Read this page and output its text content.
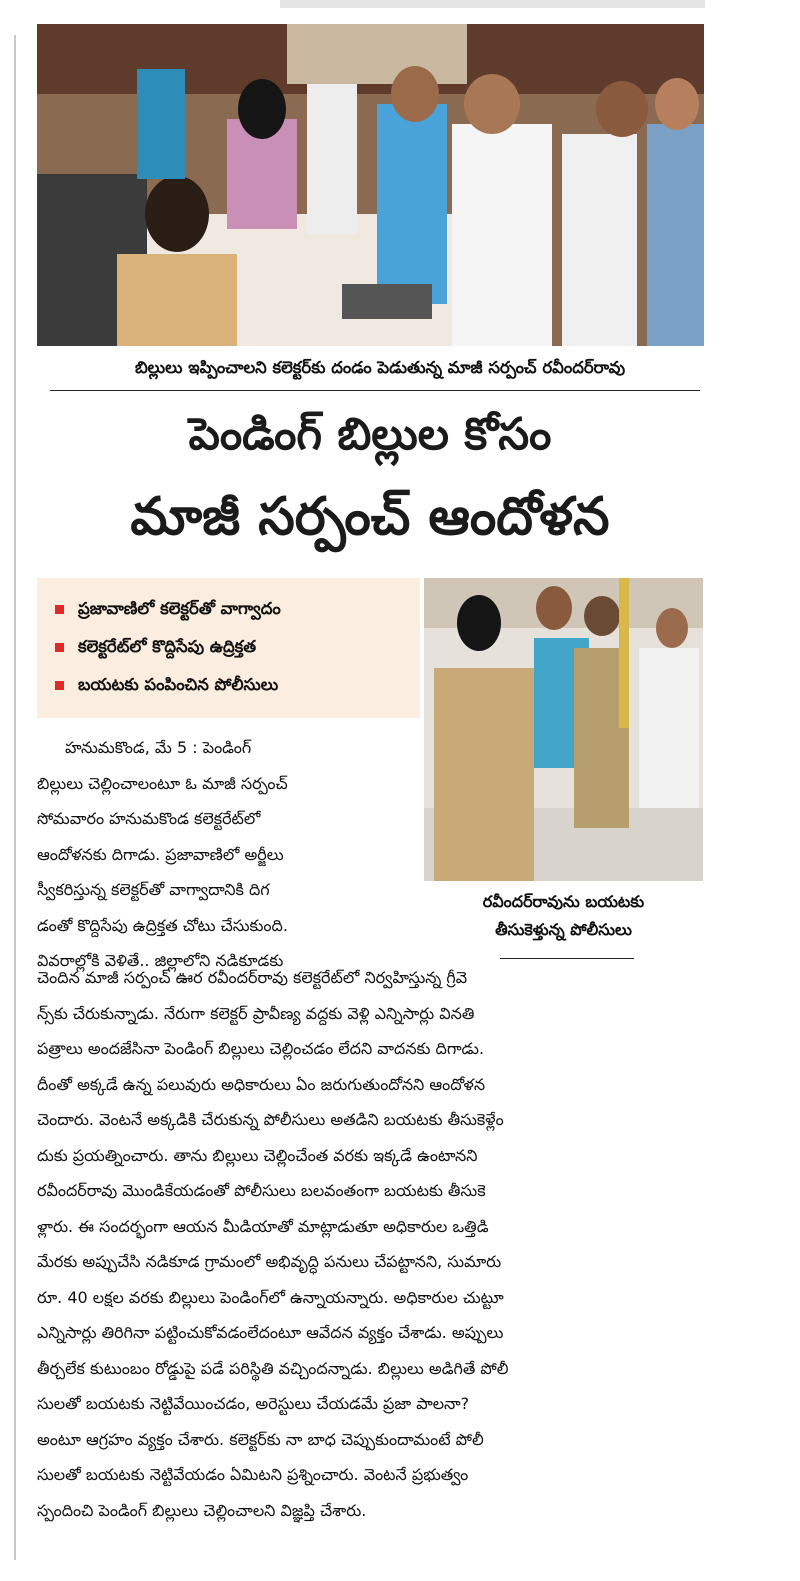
బిల్లులు ఇప్పించాలని కలెక్టర్‌కు దండం పెడుతున్న మాజీ సర్పంచ్ రవీందర్‌రావు
పెండింగ్ బిల్లుల కోసం
మాజీ సర్పంచ్ ఆందోళన
ప్రజావాణిలో కలెక్టర్‌తో వాగ్వాదం
కలెక్టరేట్‌లో కొద్దిసేపు ఉద్రిక్తత
బయటకు పంపించిన పోలీసులు
రవీందర్‌రావును బయటకు
తీసుకెళ్తున్న పోలీసులు
హనుమకొండ, మే 5 : పెండింగ్
బిల్లులు చెల్లించాలంటూ ఓ మాజీ సర్పంచ్
సోమవారం హనుమకొండ కలెక్టరేట్‌లో
ఆందోళనకు దిగాడు. ప్రజావాణిలో అర్జీలు
స్వీకరిస్తున్న కలెక్టర్‌తో వాగ్వాదానికి దిగ
డంతో కొద్దిసేపు ఉద్రిక్తత చోటు చేసుకుంది.
వివరాల్లోకి వెళితే.. జిల్లాలోని నడికూడకు
చెందిన మాజీ సర్పంచ్ ఊర రవీందర్‌రావు కలెక్టరేట్‌లో నిర్వహిస్తున్న గ్రీవె
న్స్‌కు చేరుకున్నాడు. నేరుగా కలెక్టర్ ప్రావీణ్య వద్దకు వెళ్లి ఎన్నిసార్లు వినతి
పత్రాలు అందజేసినా పెండింగ్ బిల్లులు చెల్లించడం లేదని వాదనకు దిగాడు.
దీంతో అక్కడే ఉన్న పలువురు అధికారులు ఏం జరుగుతుందోనని ఆందోళన
చెందారు. వెంటనే అక్కడికి చేరుకున్న పోలీసులు అతడిని బయటకు తీసుకెళ్లేం
దుకు ప్రయత్నించారు. తాను బిల్లులు చెల్లించేంత వరకు ఇక్కడే ఉంటానని
రవీందర్‌రావు మొండికేయడంతో పోలీసులు బలవంతంగా బయటకు తీసుకె
ళ్లారు. ఈ సందర్భంగా ఆయన మీడియాతో మాట్లాడుతూ అధికారుల ఒత్తిడి
మేరకు అప్పుచేసి నడికూడ గ్రామంలో అభివృద్ధి పనులు చేపట్టానని, సుమారు
రూ. 40 లక్షల వరకు బిల్లులు పెండింగ్‌లో ఉన్నాయన్నారు. అధికారుల చుట్టూ
ఎన్నిసార్లు తిరిగినా పట్టించుకోవడంలేదంటూ ఆవేదన వ్యక్తం చేశాడు. అప్పులు
తీర్చలేక కుటుంబం రోడ్డుపై పడే పరిస్థితి వచ్చిందన్నాడు. బిల్లులు అడిగితే పోలీ
సులతో బయటకు నెట్టివేయించడం, అరెస్టులు చేయడమే ప్రజా పాలనా?
అంటూ ఆగ్రహం వ్యక్తం చేశారు. కలెక్టర్‌కు నా బాధ చెప్పుకుందామంటే పోలీ
సులతో బయటకు నెట్టివేయడం ఏమిటని ప్రశ్నించారు. వెంటనే ప్రభుత్వం
స్పందించి పెండింగ్ బిల్లులు చెల్లించాలని విజ్ఞప్తి చేశారు.
